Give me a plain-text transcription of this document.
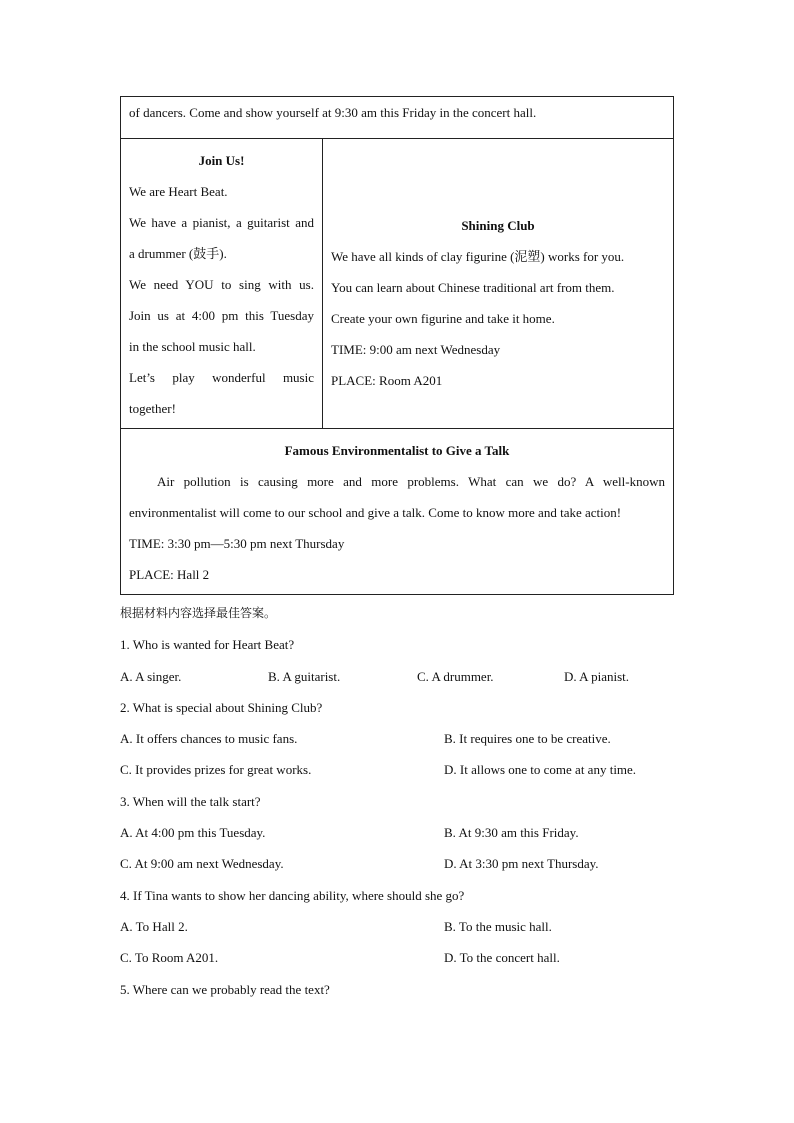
of dancers. Come and show yourself at 9:30 am this Friday in the concert hall.

Join Us!
We are Heart Beat.
We have a pianist, a guitarist and
a drummer (鼓手).
We need YOU to sing with us.
Join us at 4:00 pm this Tuesday
in the school music hall.
Let’s play wonderful music
together!

Shining Club
We have all kinds of clay figurine (泥塑) works for you.
You can learn about Chinese traditional art from them.
Create your own figurine and take it home.
TIME: 9:00 am next Wednesday
PLACE: Room A201

Famous Environmentalist to Give a Talk
Air pollution is causing more and more problems. What can we do? A well-known
environmentalist will come to our school and give a talk. Come to know more and take action!
TIME: 3:30 pm—5:30 pm next Thursday
PLACE: Hall 2
根据材料内容选择最佳答案。
1. Who is wanted for Heart Beat?
A. A singer.	B. A guitarist.	C. A drummer.	D. A pianist.
2. What is special about Shining Club?
A. It offers chances to music fans.	B. It requires one to be creative.
C. It provides prizes for great works.	D. It allows one to come at any time.
3. When will the talk start?
A. At 4:00 pm this Tuesday.	B. At 9:30 am this Friday.
C. At 9:00 am next Wednesday.	D. At 3:30 pm next Thursday.
4. If Tina wants to show her dancing ability, where should she go?
A. To Hall 2.	B. To the music hall.
C. To Room A201.	D. To the concert hall.
5. Where can we probably read the text?
